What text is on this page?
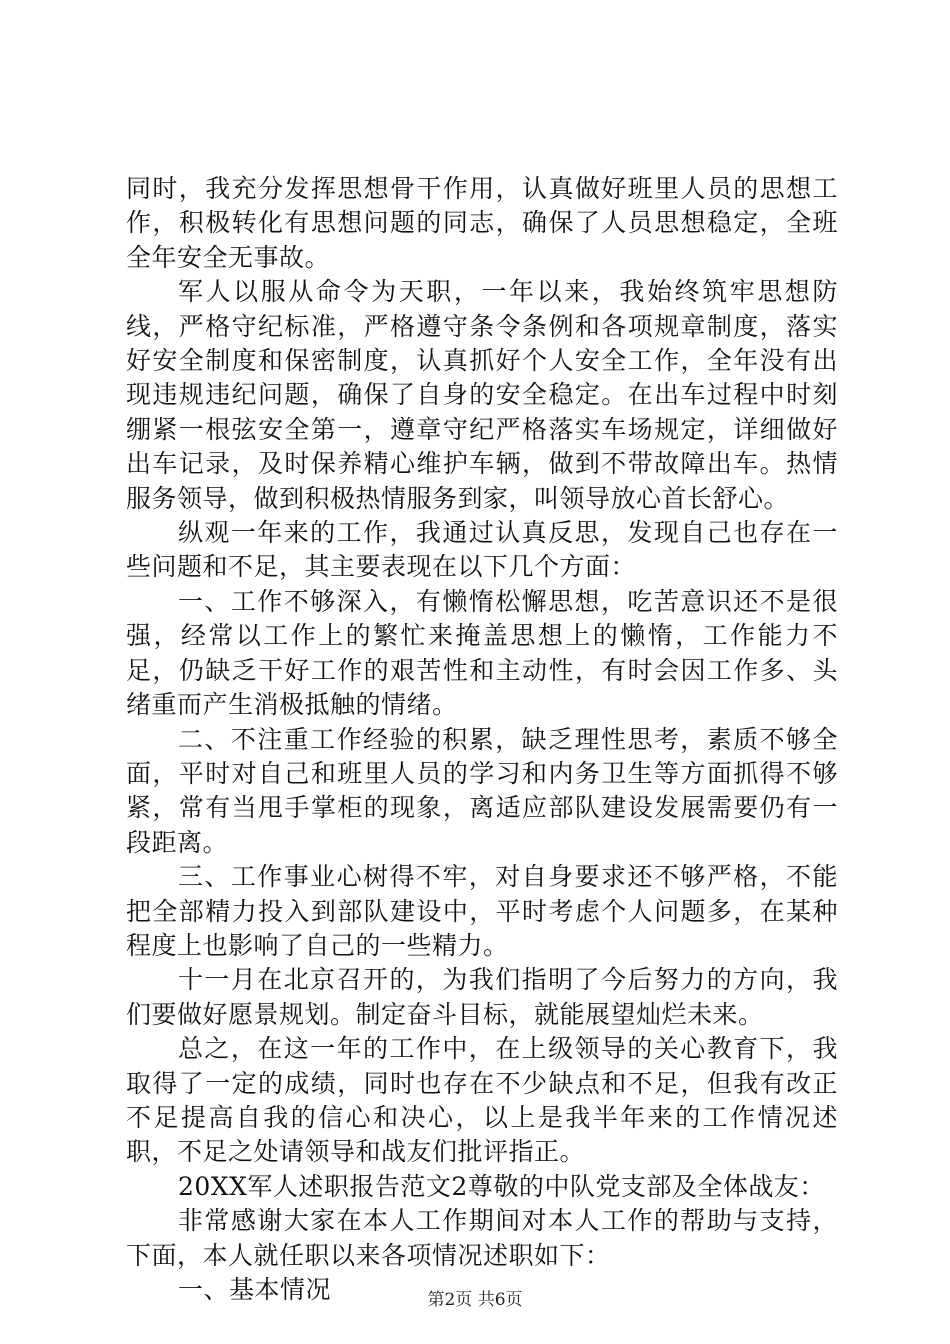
同时，我充分发挥思想骨干作用，认真做好班里人员的思想工作，积极转化有思想问题的同志，确保了人员思想稳定，全班全年安全无事故。

军人以服从命令为天职，一年以来，我始终筑牢思想防线，严格守纪标准，严格遵守条令条例和各项规章制度，落实好安全制度和保密制度，认真抓好个人安全工作，全年没有出现违规违纪问题，确保了自身的安全稳定。在出车过程中时刻绷紧一根弦安全第一，遵章守纪严格落实车场规定，详细做好出车记录，及时保养精心维护车辆，做到不带故障出车。热情服务领导，做到积极热情服务到家，叫领导放心首长舒心。

纵观一年来的工作，我通过认真反思，发现自己也存在一些问题和不足，其主要表现在以下几个方面：

一、工作不够深入，有懒惰松懈思想，吃苦意识还不是很强，经常以工作上的繁忙来掩盖思想上的懒惰，工作能力不足，仍缺乏干好工作的艰苦性和主动性，有时会因工作多、头绪重而产生消极抵触的情绪。

二、不注重工作经验的积累，缺乏理性思考，素质不够全面，平时对自己和班里人员的学习和内务卫生等方面抓得不够紧，常有当甩手掌柜的现象，离适应部队建设发展需要仍有一段距离。

三、工作事业心树得不牢，对自身要求还不够严格，不能把全部精力投入到部队建设中，平时考虑个人问题多，在某种程度上也影响了自己的一些精力。

十一月在北京召开的，为我们指明了今后努力的方向，我们要做好愿景规划。制定奋斗目标，就能展望灿烂未来。

总之，在这一年的工作中，在上级领导的关心教育下，我取得了一定的成绩，同时也存在不少缺点和不足，但我有改正不足提高自我的信心和决心，以上是我半年来的工作情况述职，不足之处请领导和战友们批评指正。

20XX军人述职报告范文2尊敬的中队党支部及全体战友：

非常感谢大家在本人工作期间对本人工作的帮助与支持，下面，本人就任职以来各项情况述职如下：

一、基本情况	第2页 共6页
